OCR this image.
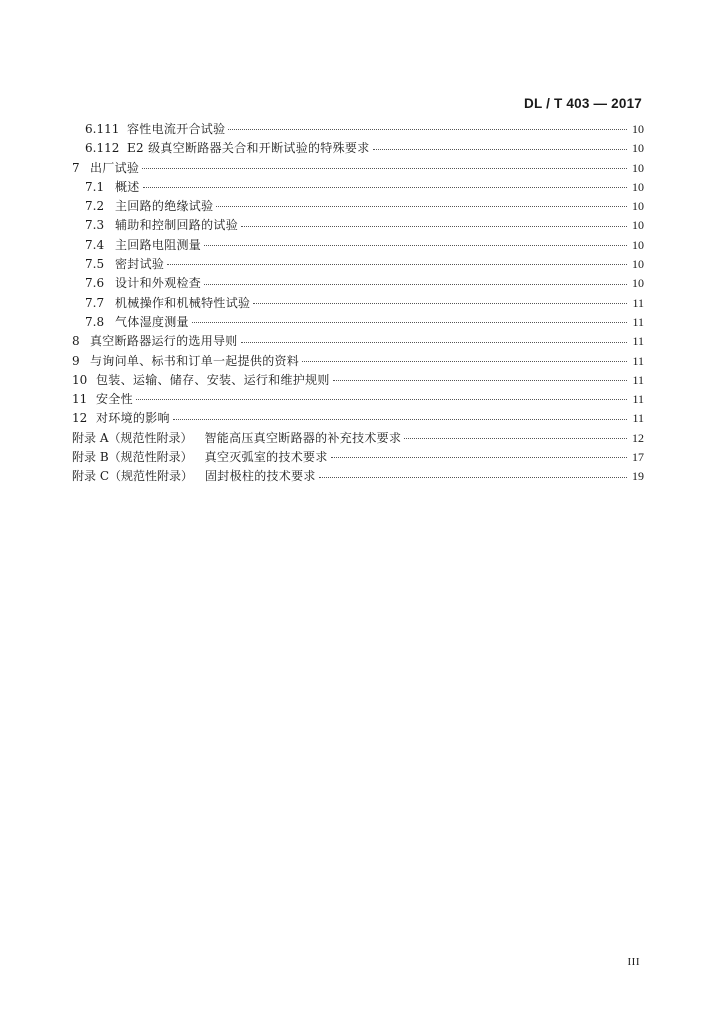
DL / T 403 — 2017
6.111 容性电流开合试验	10
6.112 E2 级真空断路器关合和开断试验的特殊要求	10
7 出厂试验	10
7.1 概述	10
7.2 主回路的绝缘试验	10
7.3 辅助和控制回路的试验	10
7.4 主回路电阻测量	10
7.5 密封试验	10
7.6 设计和外观检查	10
7.7 机械操作和机械特性试验	11
7.8 气体湿度测量	11
8 真空断路器运行的选用导则	11
9 与询问单、标书和订单一起提供的资料	11
10 包装、运输、储存、安装、运行和维护规则	11
11 安全性	11
12 对环境的影响	11
附录 A（规范性附录） 智能高压真空断路器的补充技术要求	12
附录 B（规范性附录） 真空灭弧室的技术要求	17
附录 C（规范性附录） 固封极柱的技术要求	19
III
